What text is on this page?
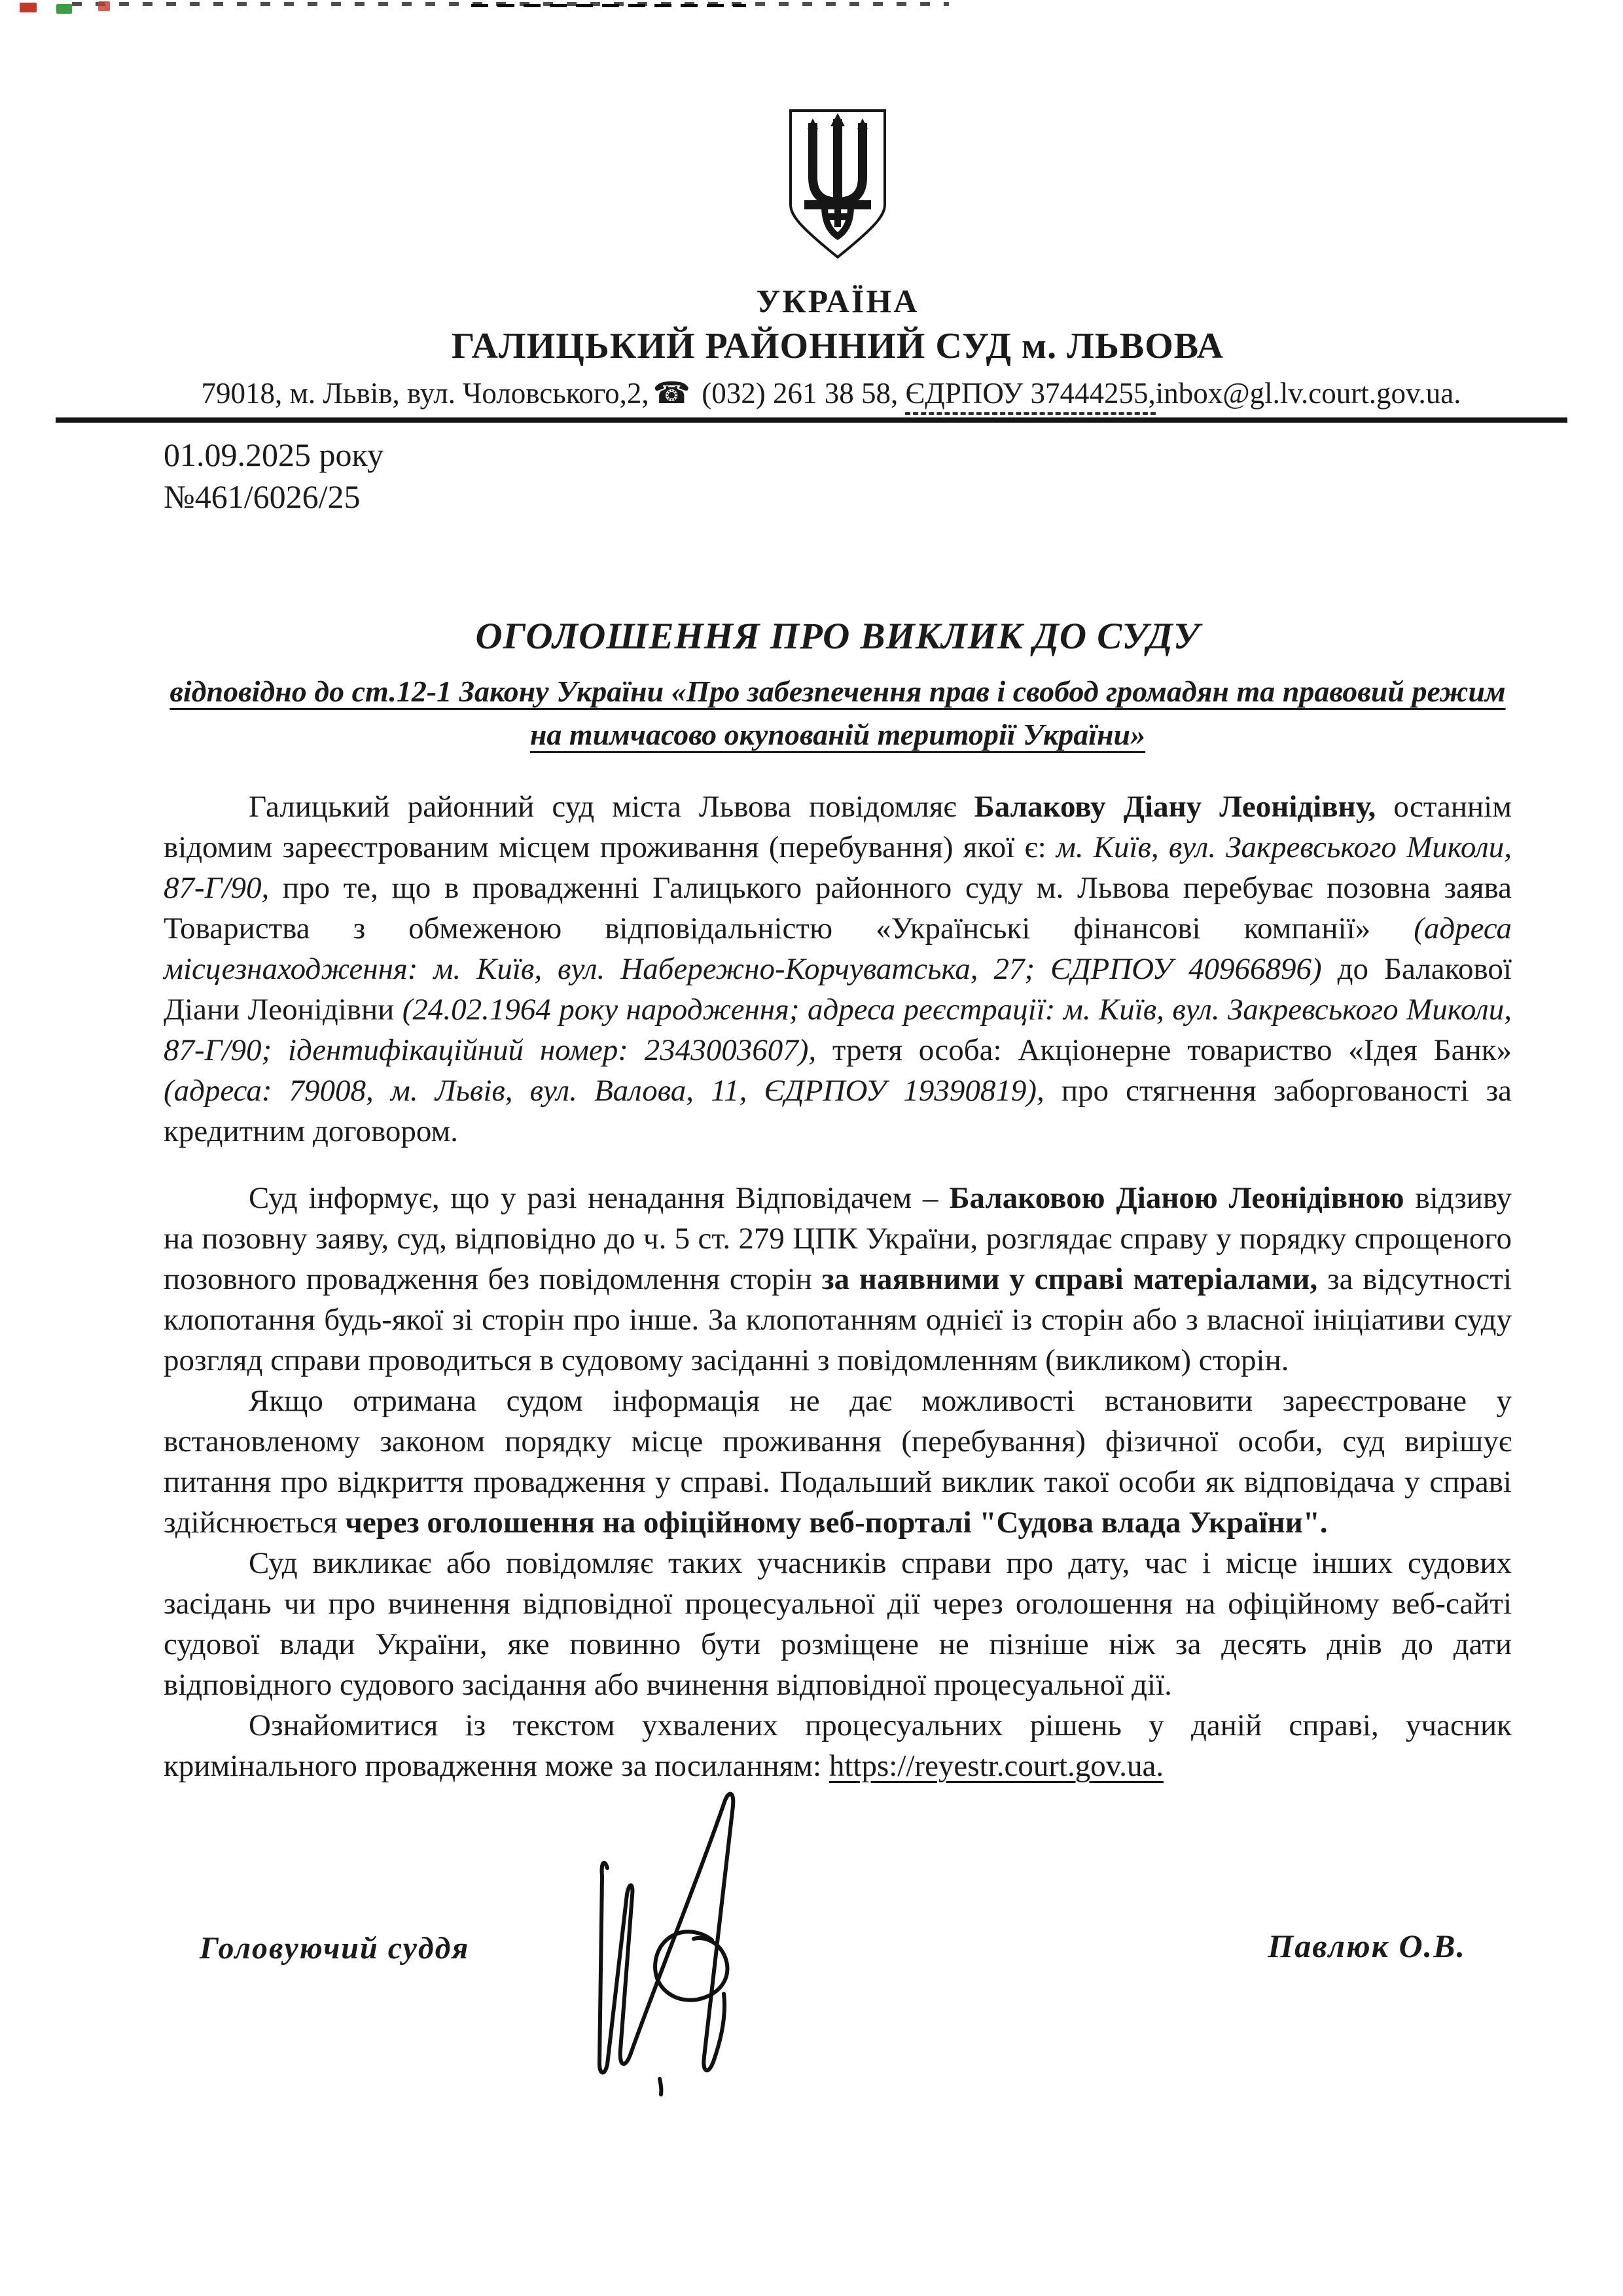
УКРАЇНА
ГАЛИЦЬКИЙ РАЙОННИЙ СУД м. ЛЬВОВА
79018, м. Львів, вул. Чоловського,2, ☎ (032) 261 38 58, ЄДРПОУ 37444255,inbox@gl.lv.court.gov.ua.
01.09.2025 року
№461/6026/25
ОГОЛОШЕННЯ ПРО ВИКЛИК ДО СУДУ
відповідно до ст.12-1 Закону України «Про забезпечення прав і свобод громадян та правовий режим
на тимчасово окупованій території України»

Галицький районний суд міста Львова повідомляє Балакову Діану Леонідівну, останнім відомим зареєстрованим місцем проживання (перебування) якої є: м. Київ, вул. Закревського Миколи, 87-Г/90, про те, що в провадженні Галицького районного суду м. Львова перебуває позовна заява Товариства з обмеженою відповідальністю «Українські фінансові компанії» (адреса місцезнаходження: м. Київ, вул. Набережно-Корчуватська, 27; ЄДРПОУ 40966896) до Балакової Діани Леонідівни (24.02.1964 року народження; адреса реєстрації: м. Київ, вул. Закревського Миколи, 87-Г/90; ідентифікаційний номер: 2343003607), третя особа: Акціонерне товариство «Ідея Банк» (адреса: 79008, м. Львів, вул. Валова, 11, ЄДРПОУ 19390819), про стягнення заборгованості за кредитним договором.

Суд інформує, що у разі ненадання Відповідачем – Балаковою Діаною Леонідівною відзиву на позовну заяву, суд, відповідно до ч. 5 ст. 279 ЦПК України, розглядає справу у порядку спрощеного позовного провадження без повідомлення сторін за наявними у справі матеріалами, за відсутності клопотання будь-якої зі сторін про інше. За клопотанням однієї із сторін або з власної ініціативи суду розгляд справи проводиться в судовому засіданні з повідомленням (викликом) сторін.

Якщо отримана судом інформація не дає можливості встановити зареєстроване у встановленому законом порядку місце проживання (перебування) фізичної особи, суд вирішує питання про відкриття провадження у справі. Подальший виклик такої особи як відповідача у справі здійснюється через оголошення на офіційному веб-порталі "Судова влада України".

Суд викликає або повідомляє таких учасників справи про дату, час і місце інших судових засідань чи про вчинення відповідної процесуальної дії через оголошення на офіційному веб-сайті судової влади України, яке повинно бути розміщене не пізніше ніж за десять днів до дати відповідного судового засідання або вчинення відповідної процесуальної дії.

Ознайомитися із текстом ухвалених процесуальних рішень у даній справі, учасник кримінального провадження може за посиланням: https://reyestr.court.gov.ua.

Головуючий суддя	Павлюк О.В.
